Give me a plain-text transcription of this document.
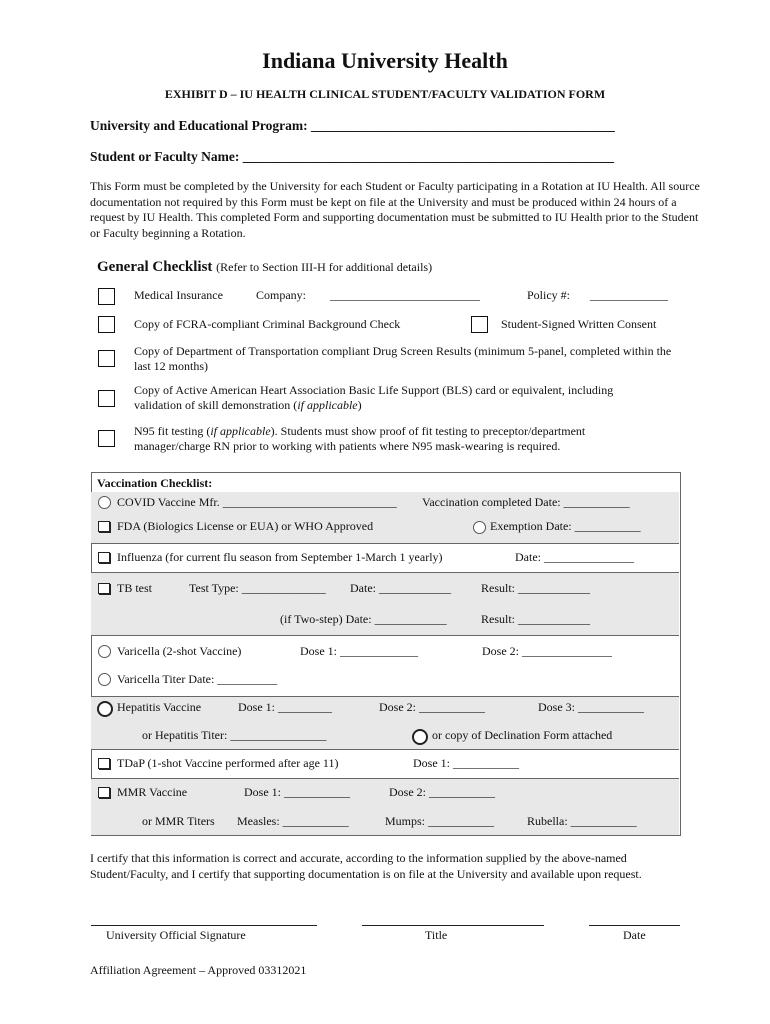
Indiana University Health
EXHIBIT D – IU HEALTH CLINICAL STUDENT/FACULTY VALIDATION FORM
University and Educational Program: _____________________________________________
Student or Faculty Name: _______________________________________________________
This Form must be completed by the University for each Student or Faculty participating in a Rotation at IU Health. All source documentation not required by this Form must be kept on file at the University and must be produced within 24 hours of a request by IU Health. This completed Form and supporting documentation must be submitted to IU Health prior to the Student or Faculty beginning a Rotation.
General Checklist (Refer to Section III-H for additional details)
Medical Insurance	Company: _________________________	Policy #: _____________
Copy of FCRA-compliant Criminal Background Check	Student-Signed Written Consent
Copy of Department of Transportation compliant Drug Screen Results (minimum 5-panel, completed within the last 12 months)
Copy of Active American Heart Association Basic Life Support (BLS) card or equivalent, including validation of skill demonstration (if applicable)
N95 fit testing (if applicable). Students must show proof of fit testing to preceptor/department manager/charge RN prior to working with patients where N95 mask-wearing is required.
Vaccination Checklist:
COVID Vaccine Mfr. _____________________________ Vaccination completed Date: ___________
FDA (Biologics License or EUA) or WHO Approved	Exemption Date: ___________
Influenza (for current flu season from September 1-March 1 yearly)	Date: _______________
TB test	Test Type: ______________ Date: ____________	Result: ____________
(if Two-step) Date: ____________	Result: ____________
Varicella (2-shot Vaccine)	Dose 1: _____________	Dose 2: _______________
Varicella Titer Date: __________
Hepatitis Vaccine	Dose 1: _________	Dose 2: ___________	Dose 3: ___________
or Hepatitis Titer: ________________	or copy of Declination Form attached
TDaP (1-shot Vaccine performed after age 11)	Dose 1: ___________
MMR Vaccine	Dose 1: ___________	Dose 2: ___________
or MMR Titers Measles: ___________	Mumps: ___________	Rubella: ___________
I certify that this information is correct and accurate, according to the information supplied by the above-named Student/Faculty, and I certify that supporting documentation is on file at the University and available upon request.
University Official Signature	Title	Date
Affiliation Agreement – Approved 03312021
